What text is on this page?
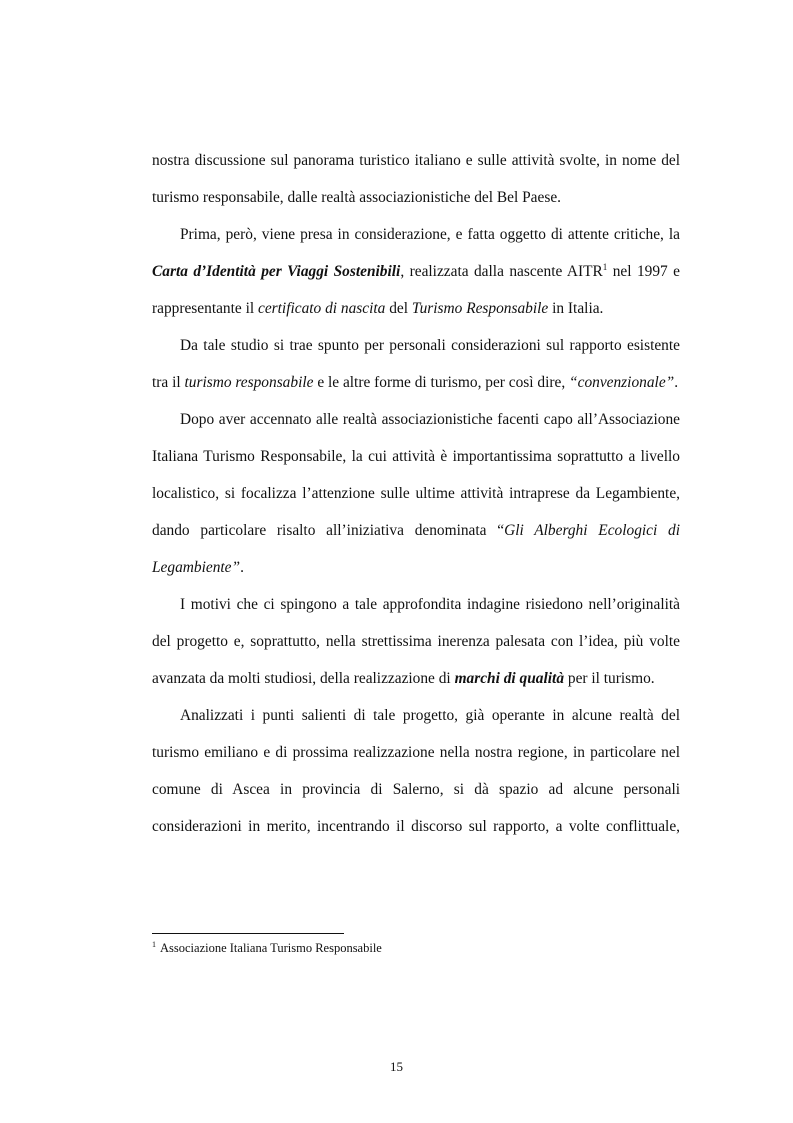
nostra discussione sul panorama turistico italiano e sulle attività svolte, in nome del turismo responsabile, dalle realtà associazionistiche del Bel Paese.

Prima, però, viene presa in considerazione, e fatta oggetto di attente critiche, la Carta d’Identità per Viaggi Sostenibili, realizzata dalla nascente AITR$^1$ nel 1997 e rappresentante il certificato di nascita del Turismo Responsabile in Italia.

Da tale studio si trae spunto per personali considerazioni sul rapporto esistente tra il turismo responsabile e le altre forme di turismo, per così dire, “convenzionale”.

Dopo aver accennato alle realtà associazionistiche facenti capo all’Associazione Italiana Turismo Responsabile, la cui attività è importantissima soprattutto a livello localistico, si focalizza l’attenzione sulle ultime attività intraprese da Legambiente, dando particolare risalto all’iniziativa denominata “Gli Alberghi Ecologici di Legambiente”.

I motivi che ci spingono a tale approfondita indagine risiedono nell’originalità del progetto e, soprattutto, nella strettissima inerenza palesata con l’idea, più volte avanzata da molti studiosi, della realizzazione di marchi di qualità per il turismo.

Analizzati i punti salienti di tale progetto, già operante in alcune realtà del turismo emiliano e di prossima realizzazione nella nostra regione, in particolare nel comune di Ascea in provincia di Salerno, si dà spazio ad alcune personali considerazioni in merito, incentrando il discorso sul rapporto, a volte conflittuale,

$^1$ Associazione Italiana Turismo Responsabile
15
